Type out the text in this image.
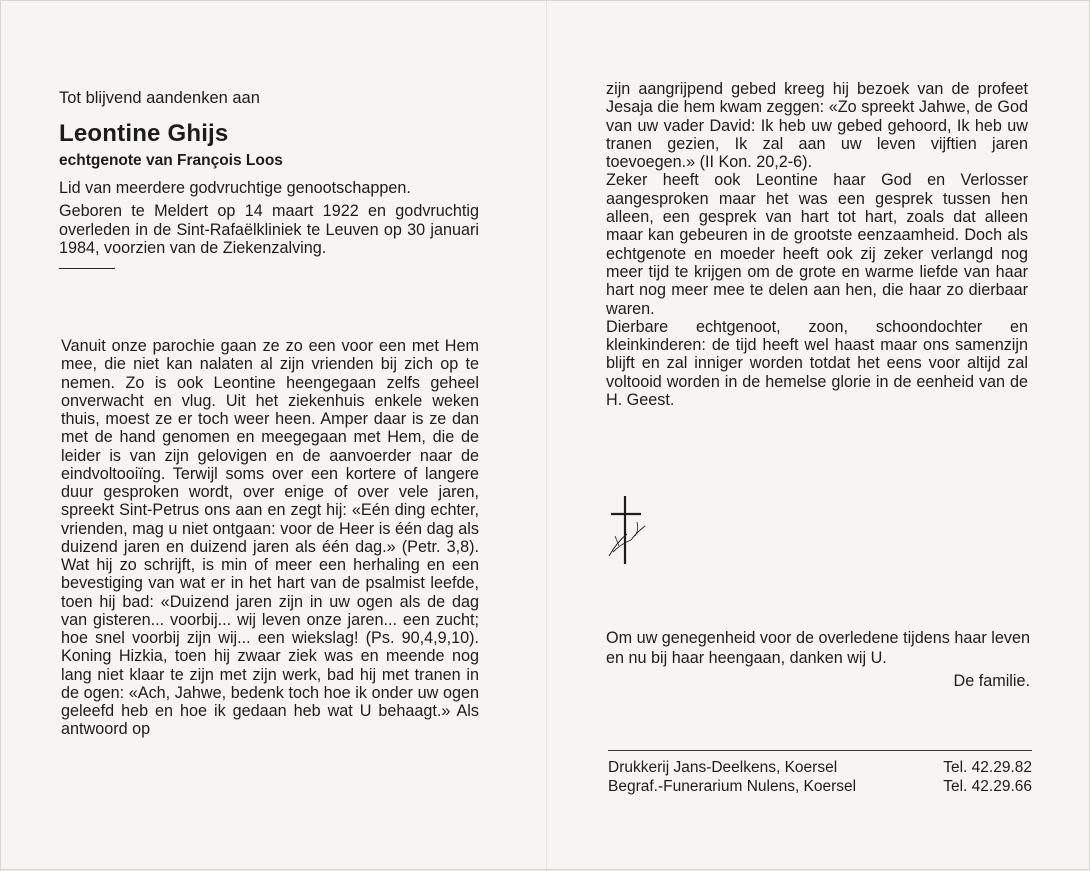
Tot blijvend aandenken aan
Leontine Ghijs
echtgenote van François Loos

Lid van meerdere godvruchtige genootschappen.

Geboren te Meldert op 14 maart 1922 en godvruchtig overleden in de Sint-Rafaëlkliniek te Leuven op 30 januari 1984, voorzien van de Ziekenzalving.

Vanuit onze parochie gaan ze zo een voor een met Hem mee, die niet kan nalaten al zijn vrienden bij zich op te nemen. Zo is ook Leontine heengegaan zelfs geheel onverwacht en vlug. Uit het ziekenhuis enkele weken thuis, moest ze er toch weer heen. Amper daar is ze dan met de hand genomen en meegegaan met Hem, die de leider is van zijn gelovigen en de aanvoerder naar de eindvoltooiïng. Terwijl soms over een kortere of langere duur gesproken wordt, over enige of over vele jaren, spreekt Sint-Petrus ons aan en zegt hij: «Eén ding echter, vrienden, mag u niet ontgaan: voor de Heer is één dag als duizend jaren en duizend jaren als één dag.» (Petr. 3,8). Wat hij zo schrijft, is min of meer een herhaling en een bevestiging van wat er in het hart van de psalmist leefde, toen hij bad: «Duizend jaren zijn in uw ogen als de dag van gisteren... voorbij... wij leven onze jaren... een zucht; hoe snel voorbij zijn wij... een wiekslag! (Ps. 90,4,9,10). Koning Hizkia, toen hij zwaar ziek was en meende nog lang niet klaar te zijn met zijn werk, bad hij met tranen in de ogen: «Ach, Jahwe, bedenk toch hoe ik onder uw ogen geleefd heb en hoe ik gedaan heb wat U behaagt.» Als antwoord op

zijn aangrijpend gebed kreeg hij bezoek van de profeet Jesaja die hem kwam zeggen: «Zo spreekt Jahwe, de God van uw vader David: Ik heb uw gebed gehoord, Ik heb uw tranen gezien, Ik zal aan uw leven vijftien jaren toevoegen.» (II Kon. 20,2-6).

Zeker heeft ook Leontine haar God en Verlosser aangesproken maar het was een gesprek tussen hen alleen, een gesprek van hart tot hart, zoals dat alleen maar kan gebeuren in de grootste eenzaamheid. Doch als echtgenote en moeder heeft ook zij zeker verlangd nog meer tijd te krijgen om de grote en warme liefde van haar hart nog meer mee te delen aan hen, die haar zo dierbaar waren.

Dierbare echtgenoot, zoon, schoondochter en kleinkinderen: de tijd heeft wel haast maar ons samenzijn blijft en zal inniger worden totdat het eens voor altijd zal voltooid worden in de hemelse glorie in de eenheid van de H. Geest.

Om uw genegenheid voor de overledene tijdens haar leven en nu bij haar heengaan, danken wij U.

De familie.

Drukkerij Jans-Deelkens, Koersel	Tel. 42.29.82
Begraf.-Funerarium Nulens, Koersel	Tel. 42.29.66
